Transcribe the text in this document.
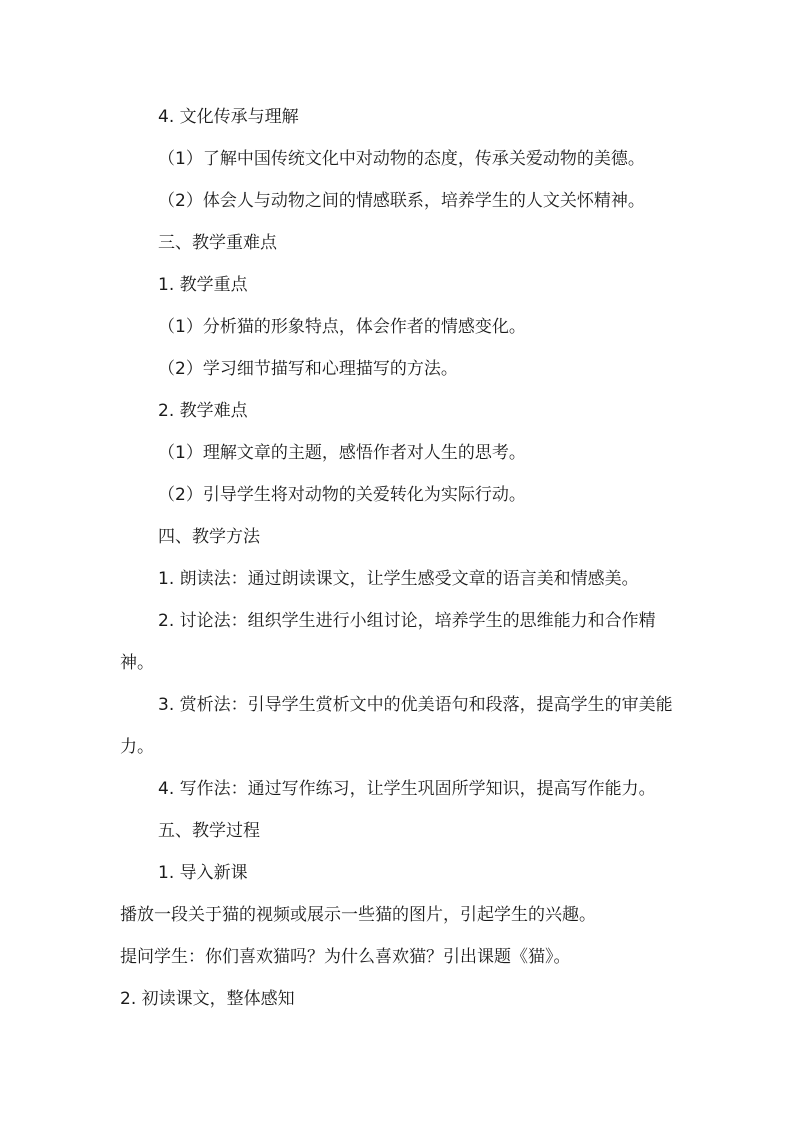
4. 文化传承与理解
（1）了解中国传统文化中对动物的态度，传承关爱动物的美德。
（2）体会人与动物之间的情感联系，培养学生的人文关怀精神。
三、教学重难点
1. 教学重点
（1）分析猫的形象特点，体会作者的情感变化。
（2）学习细节描写和心理描写的方法。
2. 教学难点
（1）理解文章的主题，感悟作者对人生的思考。
（2）引导学生将对动物的关爱转化为实际行动。
四、教学方法
1. 朗读法：通过朗读课文，让学生感受文章的语言美和情感美。
2. 讨论法：组织学生进行小组讨论，培养学生的思维能力和合作精神。
3. 赏析法：引导学生赏析文中的优美语句和段落，提高学生的审美能力。
4. 写作法：通过写作练习，让学生巩固所学知识，提高写作能力。
五、教学过程
1. 导入新课
播放一段关于猫的视频或展示一些猫的图片，引起学生的兴趣。
提问学生：你们喜欢猫吗？为什么喜欢猫？引出课题《猫》。
2. 初读课文，整体感知
